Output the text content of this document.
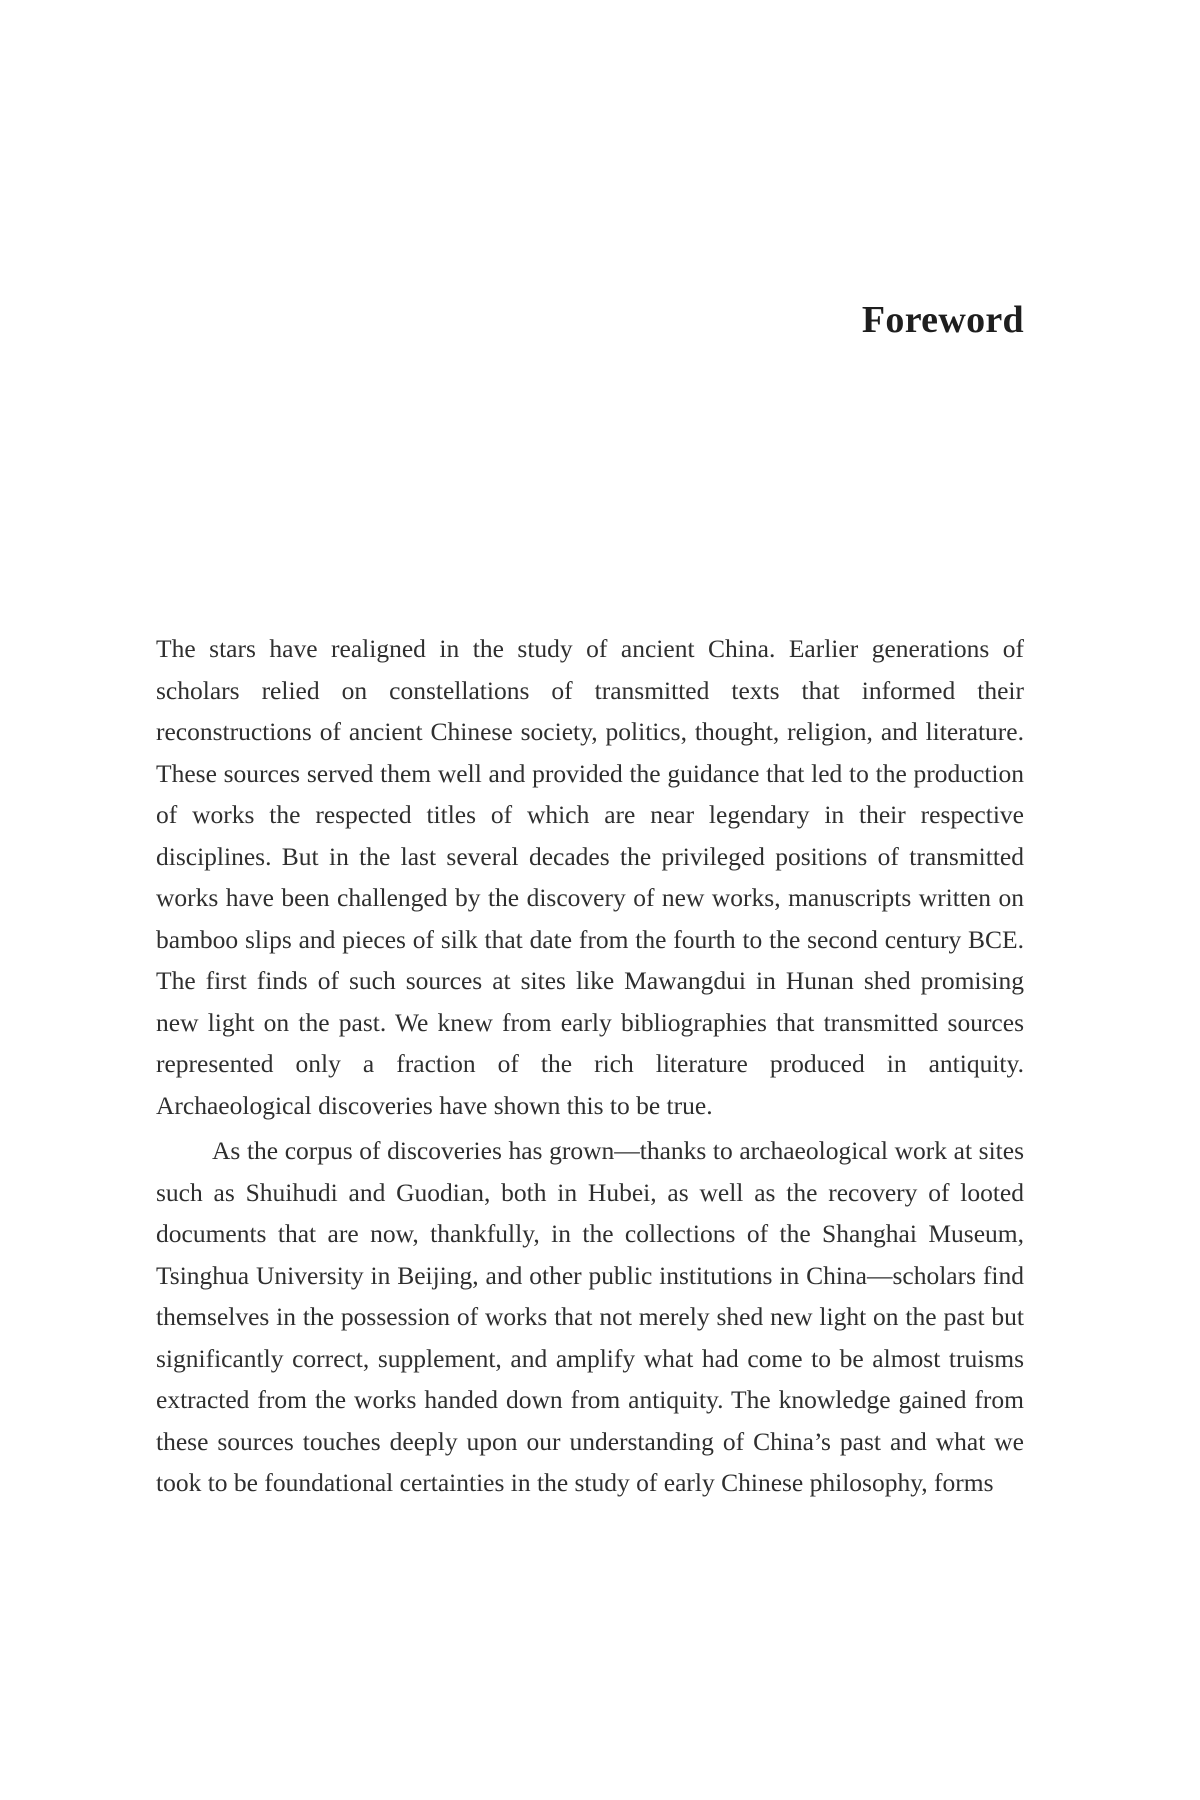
Foreword

The stars have realigned in the study of ancient China. Earlier generations of scholars relied on constellations of transmitted texts that informed their reconstructions of ancient Chinese society, politics, thought, religion, and literature. These sources served them well and provided the guidance that led to the production of works the respected titles of which are near legendary in their respective disciplines. But in the last several decades the privileged positions of transmitted works have been challenged by the discovery of new works, manuscripts written on bamboo slips and pieces of silk that date from the fourth to the second century BCE. The first finds of such sources at sites like Mawangdui in Hunan shed promising new light on the past. We knew from early bibliographies that transmitted sources represented only a fraction of the rich literature produced in antiquity. Archaeological discoveries have shown this to be true.

As the corpus of discoveries has grown—thanks to archaeological work at sites such as Shuihudi and Guodian, both in Hubei, as well as the recovery of looted documents that are now, thankfully, in the collections of the Shanghai Museum, Tsinghua University in Beijing, and other public institutions in China—scholars find themselves in the possession of works that not merely shed new light on the past but significantly correct, supplement, and amplify what had come to be almost truisms extracted from the works handed down from antiquity. The knowledge gained from these sources touches deeply upon our understanding of China’s past and what we took to be foundational certainties in the study of early Chinese philosophy, forms
